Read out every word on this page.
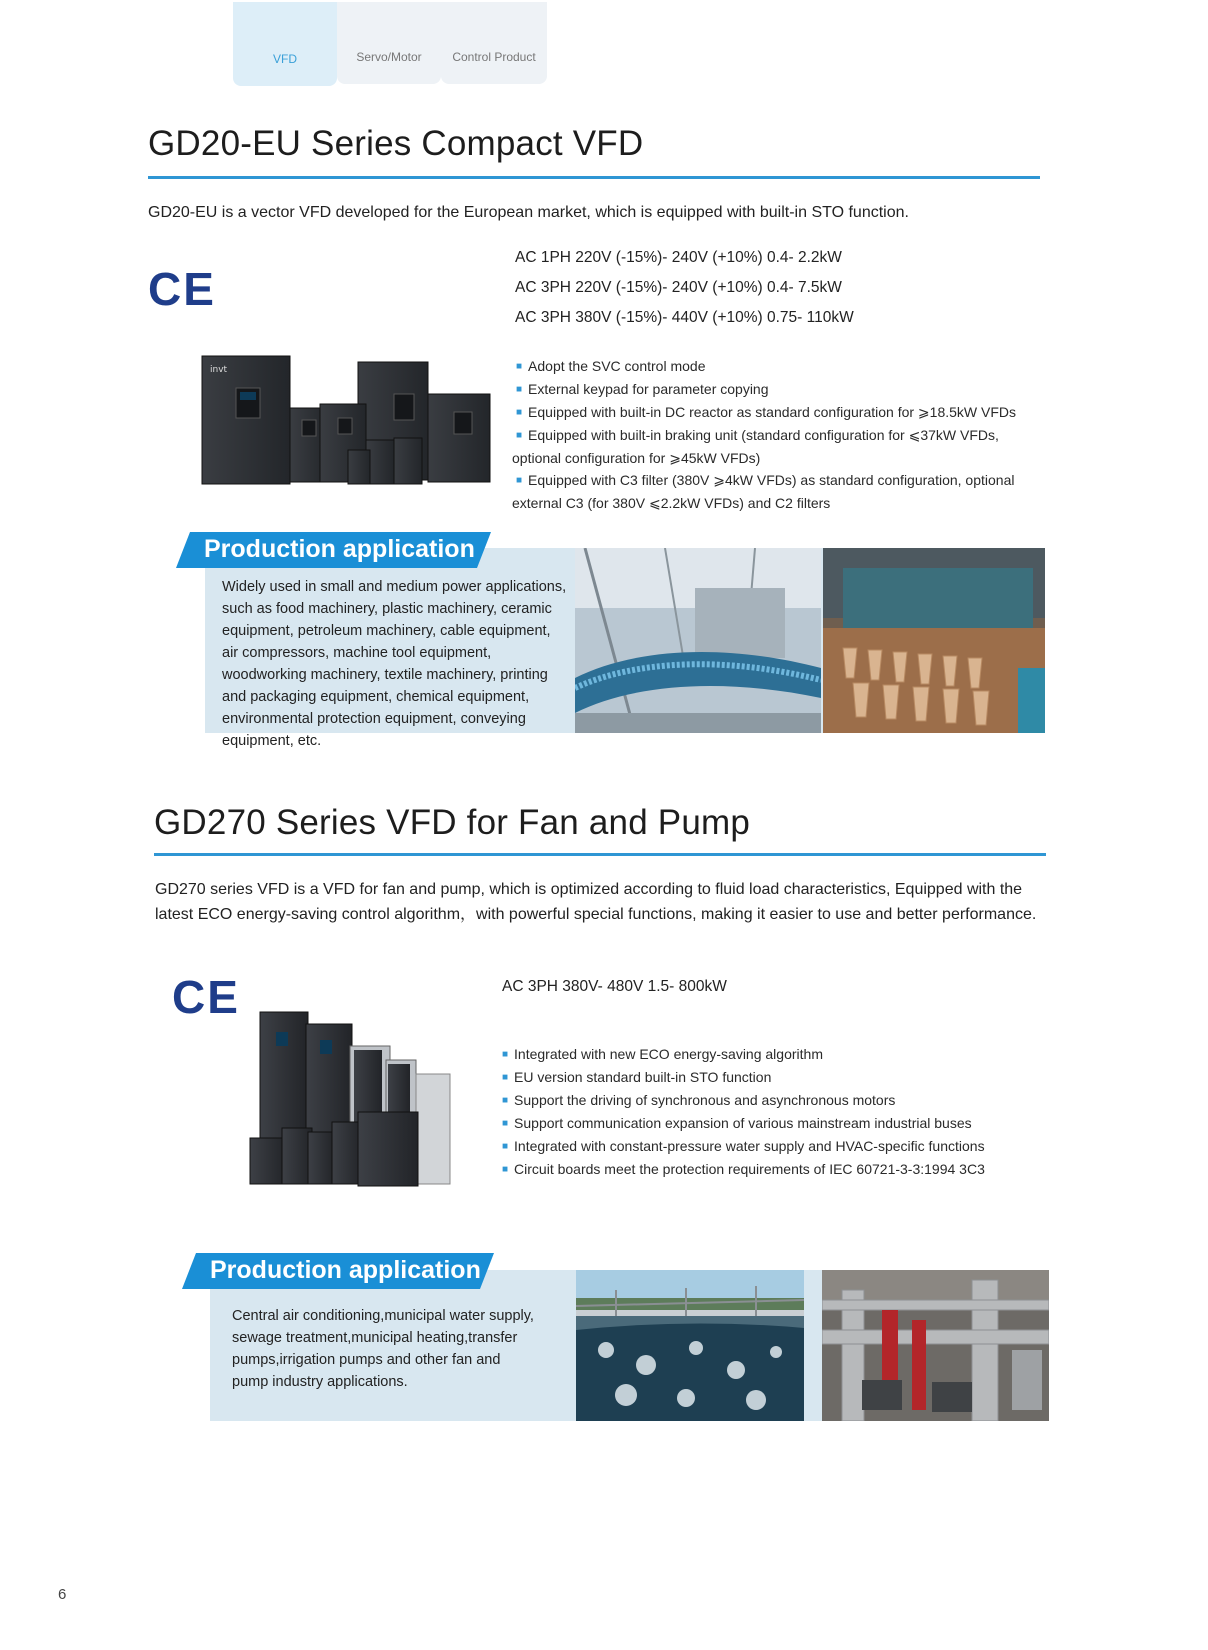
VFD	Servo/Motor	Control Product
GD20-EU Series Compact VFD
GD20-EU is a vector VFD developed for the European market, which is equipped with built-in STO function.
CE
AC 1PH 220V (-15%)- 240V (+10%) 0.4- 2.2kW
AC 3PH 220V (-15%)- 240V (+10%) 0.4- 7.5kW
AC 3PH 380V (-15%)- 440V (+10%) 0.75- 110kW
invt	■ Adopt the SVC control mode
■ External keypad for parameter copying
■ Equipped with built-in DC reactor as standard configuration for ⩾18.5kW VFDs
■ Equipped with built-in braking unit (standard configuration for ⩽37kW VFDs, optional configuration for ⩾45kW VFDs)
■ Equipped with C3 filter (380V ⩾4kW VFDs) as standard configuration, optional external C3 (for 380V ⩽2.2kW VFDs) and C2 filters
Production application
Widely used in small and medium power applications, such as food machinery, plastic machinery, ceramic equipment, petroleum machinery, cable equipment, air compressors, machine tool equipment, woodworking machinery, textile machinery, printing and packaging equipment, chemical equipment, environmental protection equipment, conveying equipment, etc.
GD270 Series VFD for Fan and Pump
GD270 series VFD is a VFD for fan and pump, which is optimized according to fluid load characteristics, Equipped with the latest ECO energy-saving control algorithm，with powerful special functions, making it easier to use and better performance.
CE	AC 3PH 380V- 480V 1.5- 800kW
■ Integrated with new ECO energy-saving algorithm
■ EU version standard built-in STO function
■ Support the driving of synchronous and asynchronous motors
■ Support communication expansion of various mainstream industrial buses
■ Integrated with constant-pressure water supply and HVAC-specific functions
■ Circuit boards meet the protection requirements of IEC 60721-3-3:1994 3C3
Production application
Central air conditioning,municipal water supply, sewage treatment,municipal heating,transfer pumps,irrigation pumps and other fan and pump industry applications.
6
